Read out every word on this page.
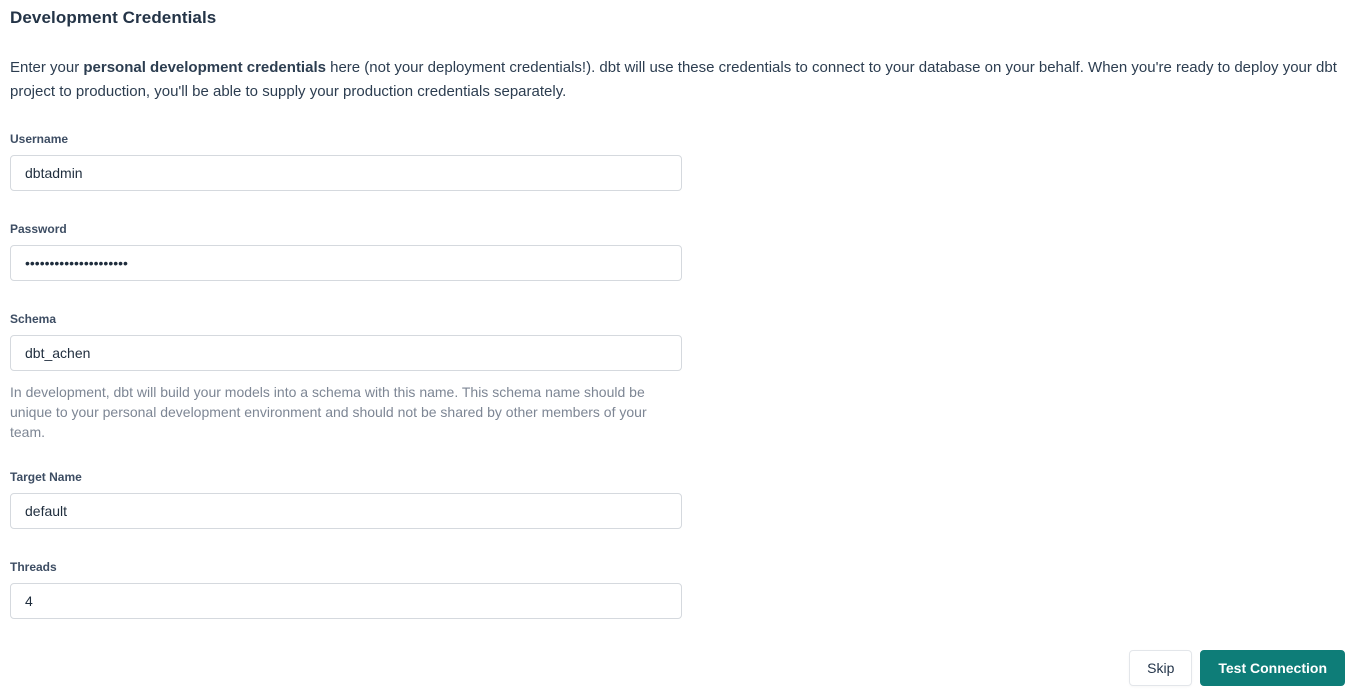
Development Credentials

Enter your personal development credentials here (not your deployment credentials!). dbt will use these credentials to connect to your database on your behalf. When you're ready to deploy your dbt project to production, you'll be able to supply your production credentials separately.

Username
dbtadmin
Password
Schema
dbt_achen
In development, dbt will build your models into a schema with this name. This schema name should be unique to your personal development environment and should not be shared by other members of your team.
Target Name
default
Threads
4
Skip	Test Connection
